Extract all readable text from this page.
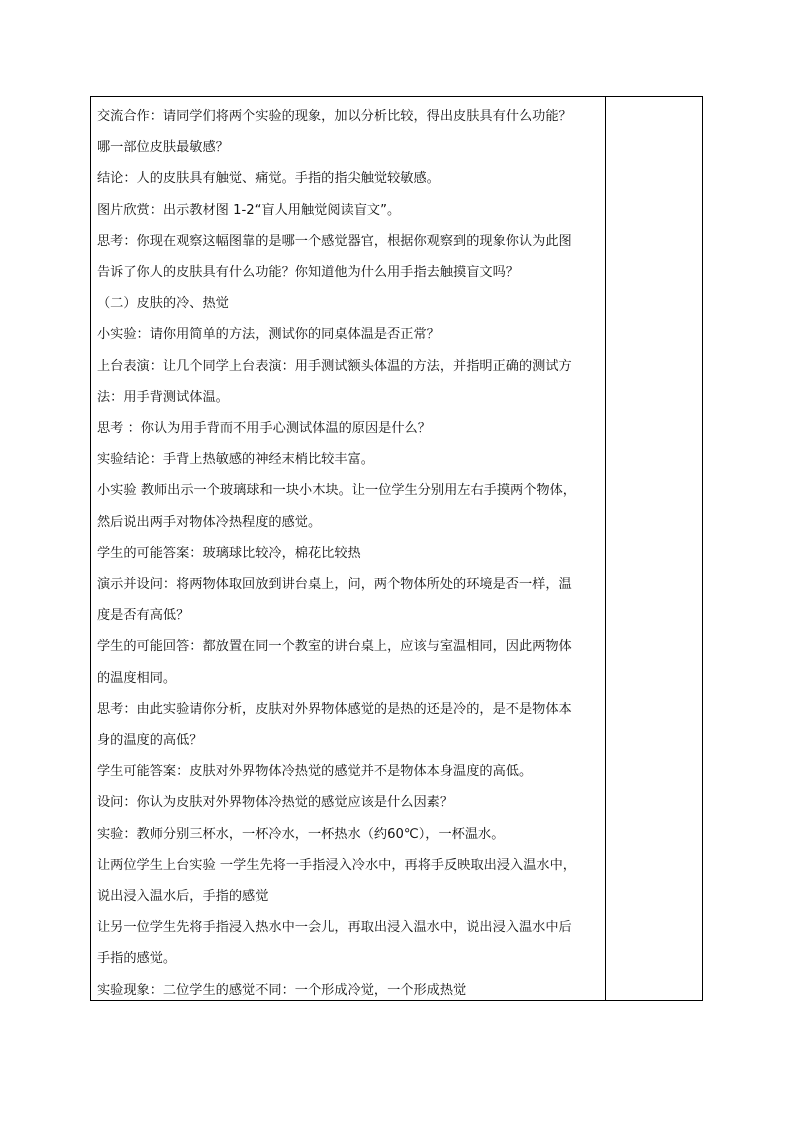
交流合作：请同学们将两个实验的现象，加以分析比较，得出皮肤具有什么功能？
哪一部位皮肤最敏感？

结论：人的皮肤具有触觉、痛觉。手指的指尖触觉较敏感。

图片欣赏：出示教材图 1-2“盲人用触觉阅读盲文”。

思考：你现在观察这幅图靠的是哪一个感觉器官，根据你观察到的现象你认为此图
告诉了你人的皮肤具有什么功能？你知道他为什么用手指去触摸盲文吗？

（二）皮肤的冷、热觉

小实验：请你用简单的方法，测试你的同桌体温是否正常？

上台表演：让几个同学上台表演：用手测试额头体温的方法，并指明正确的测试方
法：用手背测试体温。

思考 ：你认为用手背而不用手心测试体温的原因是什么？

实验结论：手背上热敏感的神经末梢比较丰富。

小实验 教师出示一个玻璃球和一块小木块。让一位学生分别用左右手摸两个物体，
然后说出两手对物体冷热程度的感觉。

学生的可能答案：玻璃球比较冷，棉花比较热

演示并设问：将两物体取回放到讲台桌上，问，两个物体所处的环境是否一样，温
度是否有高低？

学生的可能回答：都放置在同一个教室的讲台桌上，应该与室温相同，因此两物体
的温度相同。

思考：由此实验请你分析，皮肤对外界物体感觉的是热的还是冷的，是不是物体本
身的温度的高低？

学生可能答案：皮肤对外界物体冷热觉的感觉并不是物体本身温度的高低。

设问：你认为皮肤对外界物体冷热觉的感觉应该是什么因素？

实验：教师分别三杯水，一杯冷水，一杯热水（约60℃），一杯温水。

让两位学生上台实验 一学生先将一手指浸入冷水中，再将手反映取出浸入温水中，
说出浸入温水后，手指的感觉

让另一位学生先将手指浸入热水中一会儿，再取出浸入温水中，说出浸入温水中后
手指的感觉。

实验现象：二位学生的感觉不同：一个形成冷觉，一个形成热觉
